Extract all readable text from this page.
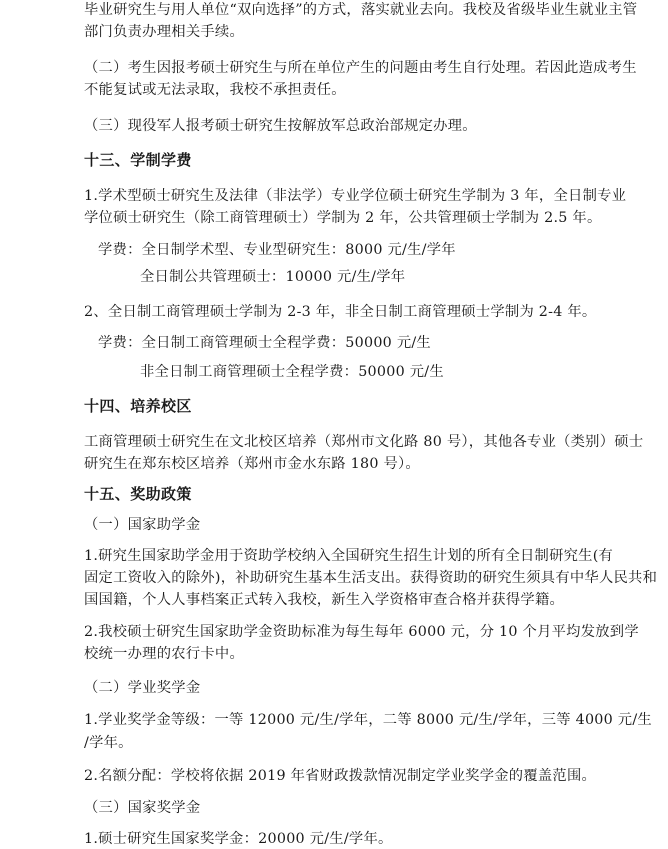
毕业研究生与用人单位“双向选择”的方式，落实就业去向。我校及省级毕业生就业主管
部门负责办理相关手续。
（二）考生因报考硕士研究生与所在单位产生的问题由考生自行处理。若因此造成考生
不能复试或无法录取，我校不承担责任。
（三）现役军人报考硕士研究生按解放军总政治部规定办理。
十三、学制学费
1.学术型硕士研究生及法律（非法学）专业学位硕士研究生学制为 3 年，全日制专业
学位硕士研究生（除工商管理硕士）学制为 2 年，公共管理硕士学制为 2.5 年。
学费：全日制学术型、专业型研究生：8000 元/生/学年
全日制公共管理硕士：10000 元/生/学年
2、全日制工商管理硕士学制为 2-3 年，非全日制工商管理硕士学制为 2-4 年。
学费：全日制工商管理硕士全程学费：50000 元/生
非全日制工商管理硕士全程学费：50000 元/生
十四、培养校区
工商管理硕士研究生在文北校区培养（郑州市文化路 80 号），其他各专业（类别）硕士
研究生在郑东校区培养（郑州市金水东路 180 号）。
十五、奖助政策
（一）国家助学金
1.研究生国家助学金用于资助学校纳入全国研究生招生计划的所有全日制研究生(有
固定工资收入的除外)，补助研究生基本生活支出。获得资助的研究生须具有中华人民共和
国国籍，个人人事档案正式转入我校，新生入学资格审查合格并获得学籍。
2.我校硕士研究生国家助学金资助标准为每生每年 6000 元，分 10 个月平均发放到学
校统一办理的农行卡中。
（二）学业奖学金
1.学业奖学金等级：一等 12000 元/生/学年，二等 8000 元/生/学年，三等 4000 元/生
/学年。
2.名额分配：学校将依据 2019 年省财政拨款情况制定学业奖学金的覆盖范围。
（三）国家奖学金
1.硕士研究生国家奖学金：20000 元/生/学年。
